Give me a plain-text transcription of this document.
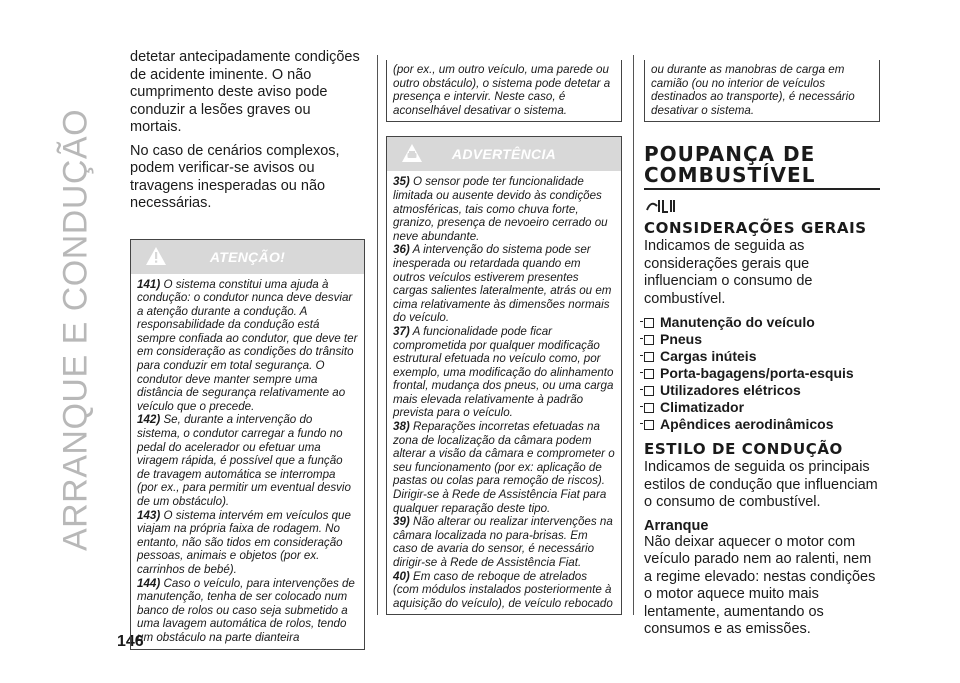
ARRANQUE E CONDUÇÃO
146

detetar antecipadamente condições de acidente iminente. O não cumprimento deste aviso pode conduzir a lesões graves ou mortais.

No caso de cenários complexos, podem verificar-se avisos ou travagens inesperadas ou não necessárias.

ATENÇÃO!

141) O sistema constitui uma ajuda à condução: o condutor nunca deve desviar a atenção durante a condução. A responsabilidade da condução está sempre confiada ao condutor, que deve ter em consideração as condições do trânsito para conduzir em total segurança. O condutor deve manter sempre uma distância de segurança relativamente ao veículo que o precede.

142) Se, durante a intervenção do sistema, o condutor carregar a fundo no pedal do acelerador ou efetuar uma viragem rápida, é possível que a função de travagem automática se interrompa (por ex., para permitir um eventual desvio de um obstáculo).

143) O sistema intervém em veículos que viajam na própria faixa de rodagem. No entanto, não são tidos em consideração pessoas, animais e objetos (por ex. carrinhos de bebé).

144) Caso o veículo, para intervenções de manutenção, tenha de ser colocado num banco de rolos ou caso seja submetido a uma lavagem automática de rolos, tendo um obstáculo na parte dianteira

(por ex., um outro veículo, uma parede ou outro obstáculo), o sistema pode detetar a presença e intervir. Neste caso, é aconselhável desativar o sistema.
ADVERTÊNCIA

35) O sensor pode ter funcionalidade limitada ou ausente devido às condições atmosféricas, tais como chuva forte, granizo, presença de nevoeiro cerrado ou neve abundante.

36) A intervenção do sistema pode ser inesperada ou retardada quando em outros veículos estiverem presentes cargas salientes lateralmente, atrás ou em cima relativamente às dimensões normais do veículo.

37) A funcionalidade pode ficar comprometida por qualquer modificação estrutural efetuada no veículo como, por exemplo, uma modificação do alinhamento frontal, mudança dos pneus, ou uma carga mais elevada relativamente à padrão prevista para o veículo.

38) Reparações incorretas efetuadas na zona de localização da câmara podem alterar a visão da câmara e comprometer o seu funcionamento (por ex: aplicação de pastas ou colas para remoção de riscos). Dirigir-se à Rede de Assistência Fiat para qualquer reparação deste tipo.

39) Não alterar ou realizar intervenções na câmara localizada no para-brisas. Em caso de avaria do sensor, é necessário dirigir-se à Rede de Assistência Fiat.

40) Em caso de reboque de atrelados (com módulos instalados posteriormente à aquisição do veículo), de veículo rebocado

ou durante as manobras de carga em camião (ou no interior de veículos destinados ao transporte), é necessário desativar o sistema.
POUPANÇA DE COMBUSTÍVEL
CONSIDERAÇÕES GERAIS

Indicamos de seguida as considerações gerais que influenciam o consumo de combustível.

Manutenção do veículo
Pneus
Cargas inúteis
Porta-bagagens/porta-esquis
Utilizadores elétricos
Climatizador
Apêndices aerodinâmicos
ESTILO DE CONDUÇÃO

Indicamos de seguida os principais estilos de condução que influenciam o consumo de combustível.

Arranque

Não deixar aquecer o motor com veículo parado nem ao ralenti, nem a regime elevado: nestas condições o motor aquece muito mais lentamente, aumentando os consumos e as emissões.
